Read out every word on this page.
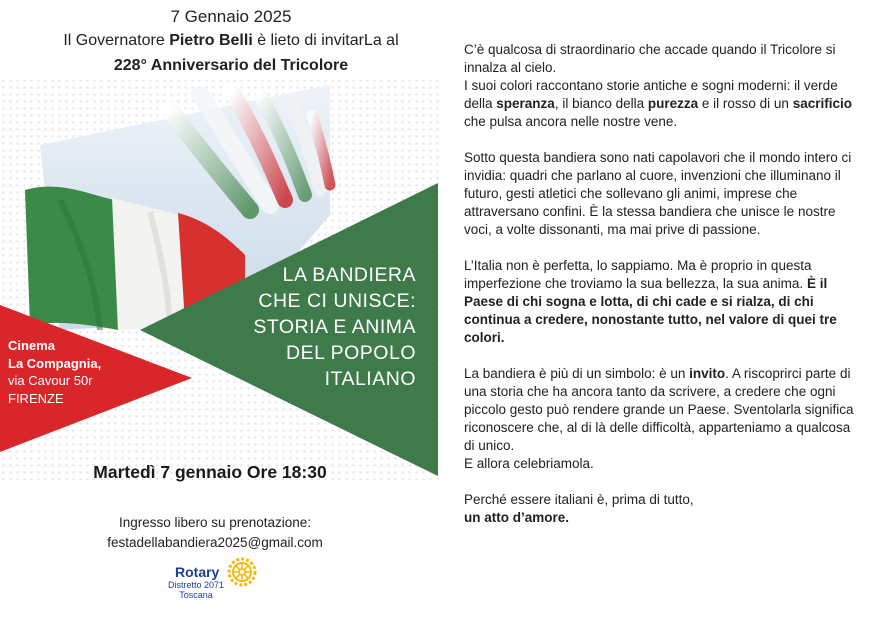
7 Gennaio 2025
Il Governatore Pietro Belli è lieto di invitarLa al
228° Anniversario del Tricolore
LA BANDIERA
CHE CI UNISCE:
STORIA E ANIMA
DEL POPOLO
ITALIANO
Cinema
La Compagnia,
via Cavour 50r
FIRENZE
Martedì 7 gennaio Ore 18:30
Ingresso libero su prenotazione:
festadellabandiera2025@gmail.com
Rotary
Distretto 2071
Toscana

C’è qualcosa di straordinario che accade quando il Tricolore si innalza al cielo.
I suoi colori raccontano storie antiche e sogni moderni: il verde della speranza, il bianco della purezza e il rosso di un sacrificio che pulsa ancora nelle nostre vene.

Sotto questa bandiera sono nati capolavori che il mondo intero ci invidia: quadri che parlano al cuore, invenzioni che illuminano il futuro, gesti atletici che sollevano gli animi, imprese che attraversano confini. È la stessa bandiera che unisce le nostre voci, a volte dissonanti, ma mai prive di passione.

L’Italia non è perfetta, lo sappiamo. Ma è proprio in questa imperfezione che troviamo la sua bellezza, la sua anima. È il Paese di chi sogna e lotta, di chi cade e si rialza, di chi continua a credere, nonostante tutto, nel valore di quei tre colori.

La bandiera è più di un simbolo: è un invito. A riscoprirci parte di una storia che ha ancora tanto da scrivere, a credere che ogni piccolo gesto può rendere grande un Paese. Sventolarla significa riconoscere che, al di là delle difficoltà, apparteniamo a qualcosa di unico.
E allora celebriamola.

Perché essere italiani è, prima di tutto,
un atto d’amore.
